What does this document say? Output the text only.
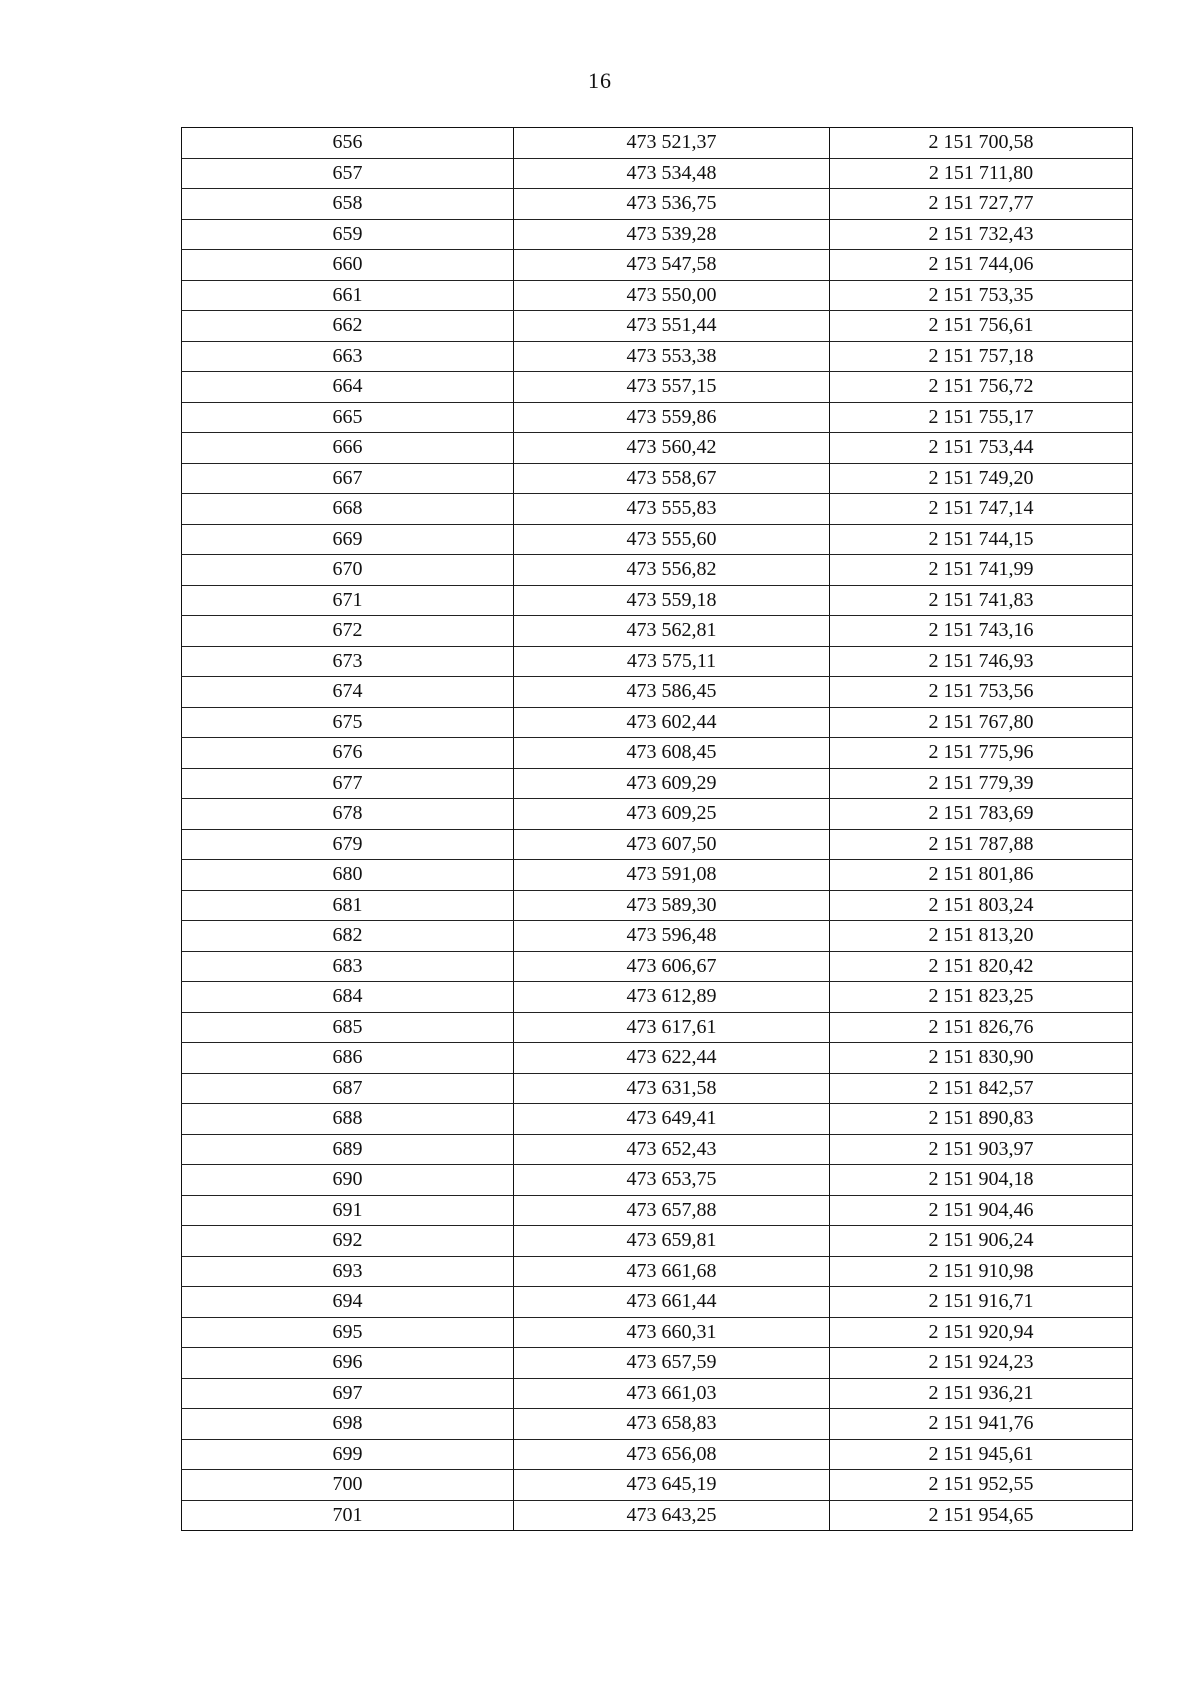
16
656	473 521,37	2 151 700,58
657	473 534,48	2 151 711,80
658	473 536,75	2 151 727,77
659	473 539,28	2 151 732,43
660	473 547,58	2 151 744,06
661	473 550,00	2 151 753,35
662	473 551,44	2 151 756,61
663	473 553,38	2 151 757,18
664	473 557,15	2 151 756,72
665	473 559,86	2 151 755,17
666	473 560,42	2 151 753,44
667	473 558,67	2 151 749,20
668	473 555,83	2 151 747,14
669	473 555,60	2 151 744,15
670	473 556,82	2 151 741,99
671	473 559,18	2 151 741,83
672	473 562,81	2 151 743,16
673	473 575,11	2 151 746,93
674	473 586,45	2 151 753,56
675	473 602,44	2 151 767,80
676	473 608,45	2 151 775,96
677	473 609,29	2 151 779,39
678	473 609,25	2 151 783,69
679	473 607,50	2 151 787,88
680	473 591,08	2 151 801,86
681	473 589,30	2 151 803,24
682	473 596,48	2 151 813,20
683	473 606,67	2 151 820,42
684	473 612,89	2 151 823,25
685	473 617,61	2 151 826,76
686	473 622,44	2 151 830,90
687	473 631,58	2 151 842,57
688	473 649,41	2 151 890,83
689	473 652,43	2 151 903,97
690	473 653,75	2 151 904,18
691	473 657,88	2 151 904,46
692	473 659,81	2 151 906,24
693	473 661,68	2 151 910,98
694	473 661,44	2 151 916,71
695	473 660,31	2 151 920,94
696	473 657,59	2 151 924,23
697	473 661,03	2 151 936,21
698	473 658,83	2 151 941,76
699	473 656,08	2 151 945,61
700	473 645,19	2 151 952,55
701	473 643,25	2 151 954,65
